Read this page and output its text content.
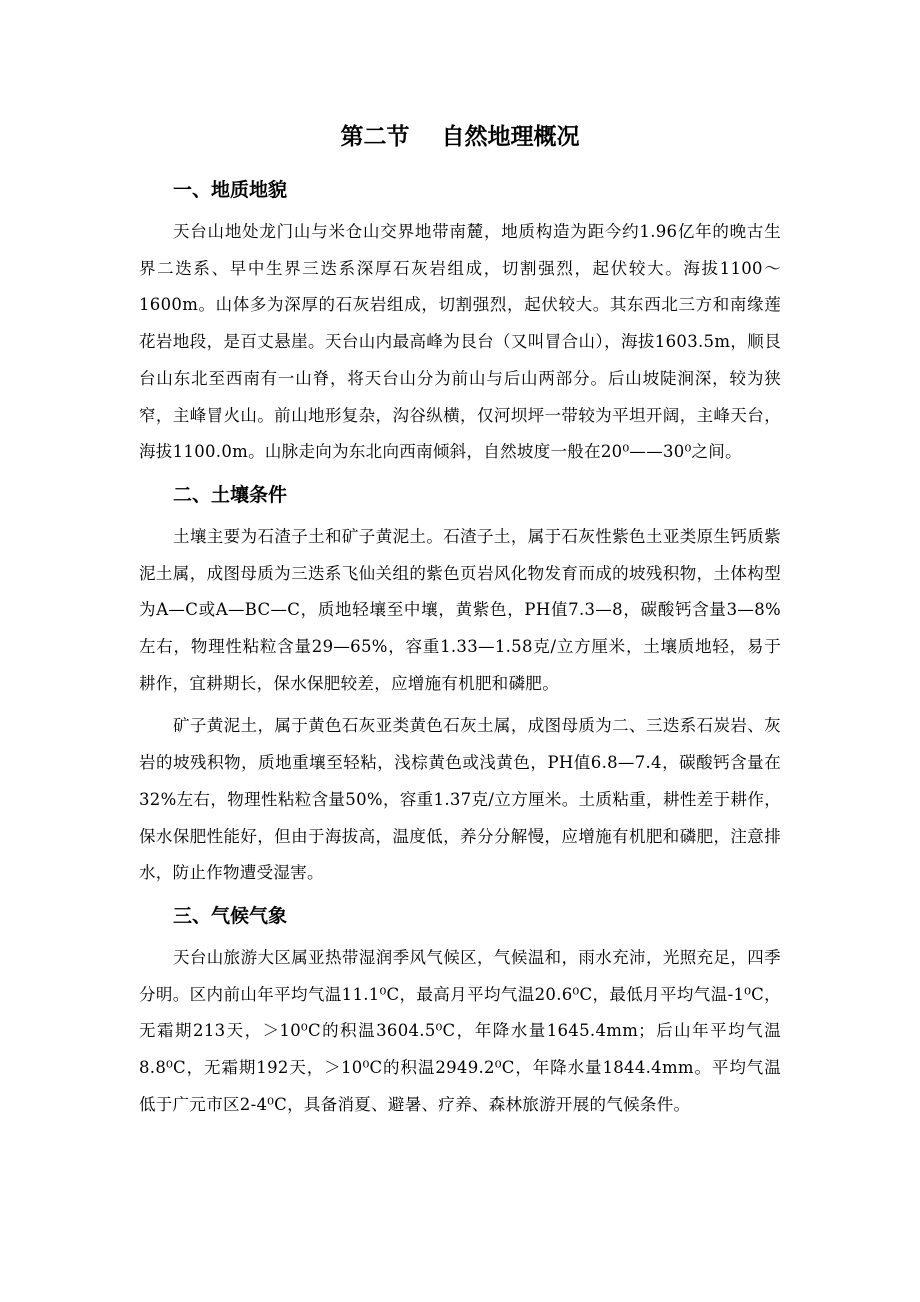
第二节    自然地理概况
一、地质地貌

天台山地处龙门山与米仓山交界地带南麓，地质构造为距今约1.96亿年的晚古生界二迭系、早中生界三迭系深厚石灰岩组成，切割强烈，起伏较大。海拔1100～1600m。山体多为深厚的石灰岩组成，切割强烈，起伏较大。其东西北三方和南缘莲花岩地段，是百丈悬崖。天台山内最高峰为艮台（又叫冒合山），海拔1603.5m，顺艮台山东北至西南有一山脊，将天台山分为前山与后山两部分。后山坡陡涧深，较为狭窄，主峰冒火山。前山地形复杂，沟谷纵横，仅河坝坪一带较为平坦开阔，主峰天台，海拔1100.0m。山脉走向为东北向西南倾斜，自然坡度一般在20⁰——30⁰之间。

二、土壤条件

土壤主要为石渣子土和矿子黄泥土。石渣子土，属于石灰性紫色土亚类原生钙质紫泥土属，成图母质为三迭系飞仙关组的紫色页岩风化物发育而成的坡残积物，土体构型为A—C或A—BC—C，质地轻壤至中壤，黄紫色，PH值7.3—8，碳酸钙含量3—8%左右，物理性粘粒含量29—65%，容重1.33—1.58克/立方厘米，土壤质地轻，易于耕作，宜耕期长，保水保肥较差，应增施有机肥和磷肥。

矿子黄泥土，属于黄色石灰亚类黄色石灰土属，成图母质为二、三迭系石炭岩、灰岩的坡残积物，质地重壤至轻粘，浅棕黄色或浅黄色，PH值6.8—7.4，碳酸钙含量在32%左右，物理性粘粒含量50%，容重1.37克/立方厘米。土质粘重，耕性差于耕作，保水保肥性能好，但由于海拔高，温度低，养分分解慢，应增施有机肥和磷肥，注意排水，防止作物遭受湿害。

三、气候气象

天台山旅游大区属亚热带湿润季风气候区，气候温和，雨水充沛，光照充足，四季分明。区内前山年平均气温11.1⁰C，最高月平均气温20.6⁰C，最低月平均气温-1⁰C，无霜期213天，＞10⁰C的积温3604.5⁰C，年降水量1645.4mm；后山年平均气温8.8⁰C，无霜期192天，＞10⁰C的积温2949.2⁰C，年降水量1844.4mm。平均气温低于广元市区2-4⁰C，具备消夏、避暑、疗养、森林旅游开展的气候条件。
